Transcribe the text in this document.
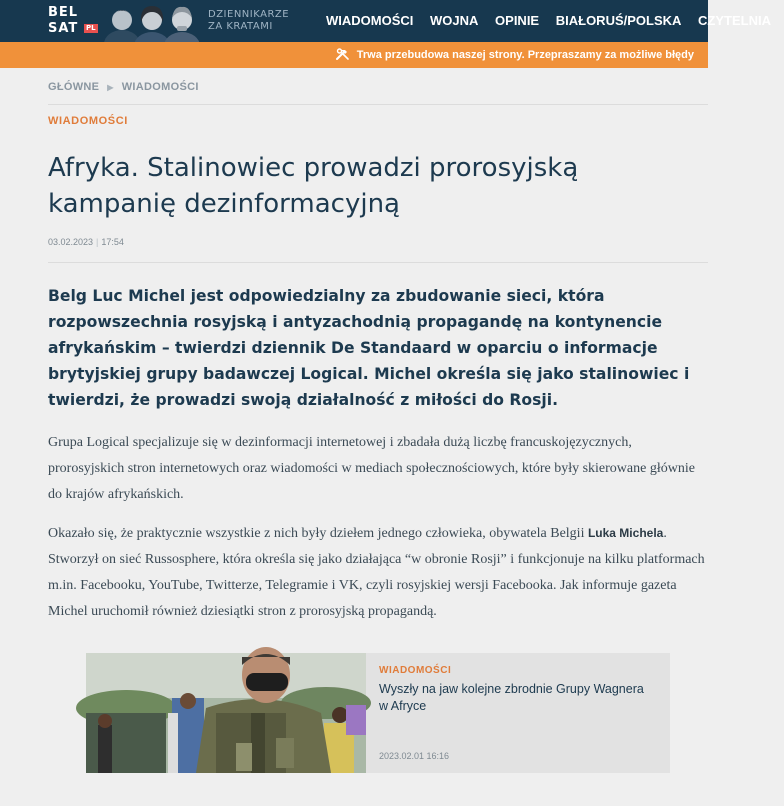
BEL
SAT PL
DZIENNIKARZE
ZA KRATAMI	WIADOMOŚCI WOJNA OPINIE BIAŁORUŚ/POLSKA CZYTELNIA
Trwa przebudowa naszej strony. Przepraszamy za możliwe błędy
GŁÓWNE ▶ WIADOMOŚCI
WIADOMOŚCI
Afryka. Stalinowiec prowadzi prorosyjską kampanię dezinformacyjną
03.02.2023 | 17:54

Belg Luc Michel jest odpowiedzialny za zbudowanie sieci, która rozpowszechnia rosyjską i antyzachodnią propagandę na kontynencie afrykańskim – twierdzi dziennik De Standaard w oparciu o informacje brytyjskiej grupy badawczej Logical. Michel określa się jako stalinowiec i twierdzi, że prowadzi swoją działalność z miłości do Rosji.

Grupa Logical specjalizuje się w dezinformacji internetowej i zbadała dużą liczbę francuskojęzycznych, prorosyjskich stron internetowych oraz wiadomości w mediach społecznościowych, które były skierowane głównie do krajów afrykańskich.

Okazało się, że praktycznie wszystkie z nich były dziełem jednego człowieka, obywatela Belgii Luka Michela. Stworzył on sieć Russosphere, która określa się jako działająca “w obronie Rosji” i funkcjonuje na kilku platformach m.in. Facebooku, YouTube, Twitterze, Telegramie i VK, czyli rosyjskiej wersji Facebooka. Jak informuje gazeta Michel uruchomił również dziesiątki stron z prorosyjską propagandą.

WIADOMOŚCI
Wyszły na jaw kolejne zbrodnie Grupy Wagnera w Afryce
2023.02.01 16:16
